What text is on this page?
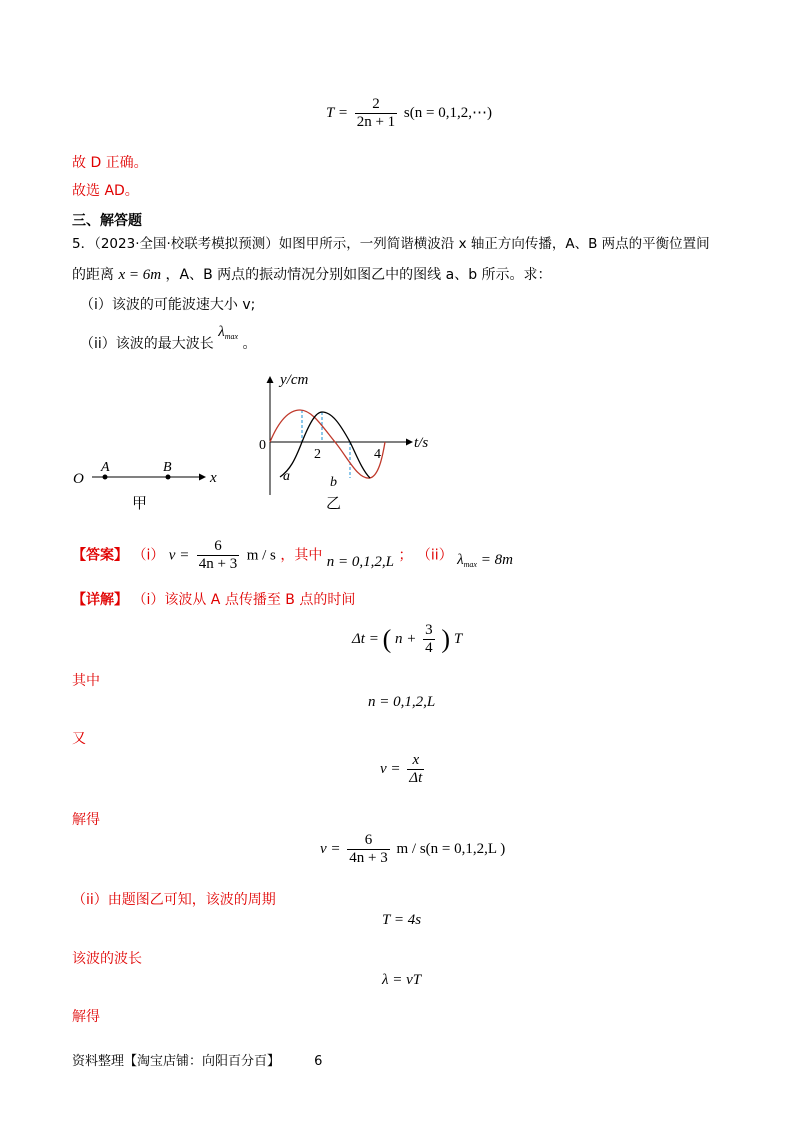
$T = \frac{2}{2n + 1} s(n$ = 0,1,2,⋯)
故 D 正确。
故选 AD。
三、解答题
5．（2023·全国·校联考模拟预测）如图甲所示，一列简谐横波沿 x 轴正方向传播，A、B 两点的平衡位置间
的距离 x = 6m ，A、B 两点的振动情况分别如图乙中的图线 a、b 所示。求：
（i）该波的可能波速大小 v;
（ii）该波的最大波长 $\lambda_{max}$ 。
O
A	B
x
甲
y/cm
t/s
0
2	4
a	b
乙
【答案】 （i） $v = \frac{6}{4n + 3}$ m / s ，其中 n = 0,1,2,L ； （ii） $\lambda_{max} = 8m$
【详解】 （i）该波从 A 点传播至 B 点的时间
Δt = ( $n + \frac{3}{4}$ ) T
其中
n = 0,1,2,L
又
$v = \frac{x}{\Delta t}$
解得
$v = \frac{6}{4n + 3}$ m / s(n = 0,1,2,L )
（ii）由题图乙可知，该波的周期
T = 4s
该波的波长
λ = vT
解得
资料整理【淘宝店铺：向阳百分百】	6
